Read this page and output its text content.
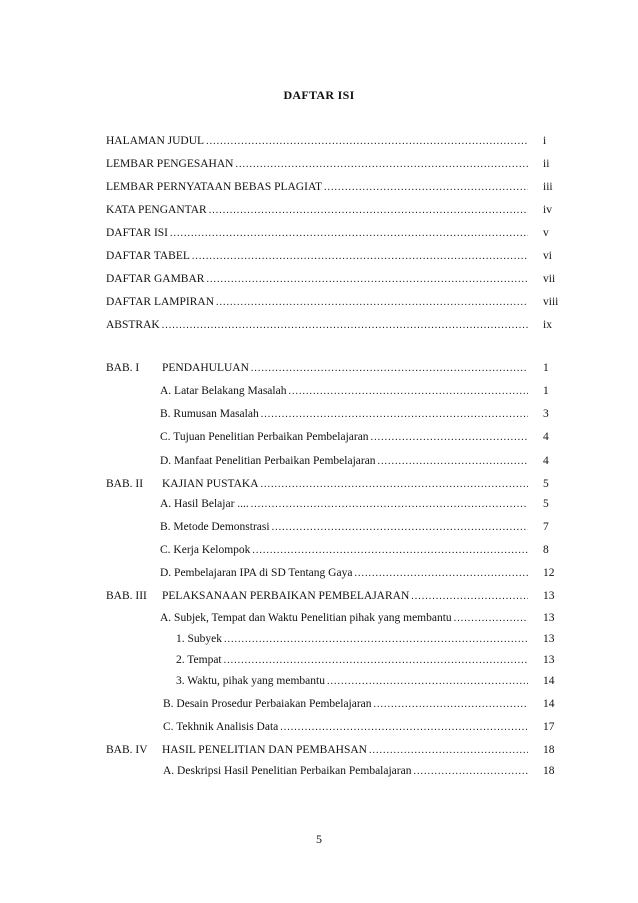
DAFTAR ISI
HALAMAN JUDUL .....	i
LEMBAR PENGESAHAN .....	ii
LEMBAR PERNYATAAN BEBAS PLAGIAT .....	iii
KATA PENGANTAR .....	iv
DAFTAR ISI .....	v
DAFTAR TABEL .....	vi
DAFTAR GAMBAR .....	vii
DAFTAR LAMPIRAN .....	viii
ABSTRAK .....	ix
BAB. I PENDAHULUAN .....	1
A. Latar Belakang Masalah .....	1
B. Rumusan Masalah .....	3
C. Tujuan Penelitian Perbaikan Pembelajaran .....	4
D. Manfaat Penelitian Perbaikan Pembelajaran .....	4
BAB. II KAJIAN PUSTAKA .....	5
A. Hasil Belajar .... .....	5
B. Metode Demonstrasi .....	7
C. Kerja Kelompok .....	8
D. Pembelajaran IPA di SD Tentang Gaya .....	12
BAB. III PELAKSANAAN PERBAIKAN PEMBELAJARAN .....	13
A. Subjek, Tempat dan Waktu Penelitian pihak yang membantu .....	13
1. Subyek .....	13
2. Tempat .....	13
3. Waktu, pihak yang membantu .....	14
B. Desain Prosedur Perbaiakan Pembelajaran .....	14
C. Tekhnik Analisis Data .....	17
BAB. IV HASIL PENELITIAN DAN PEMBAHSAN .....	18
A. Deskripsi Hasil Penelitian Perbaikan Pembalajaran .....	18
5
